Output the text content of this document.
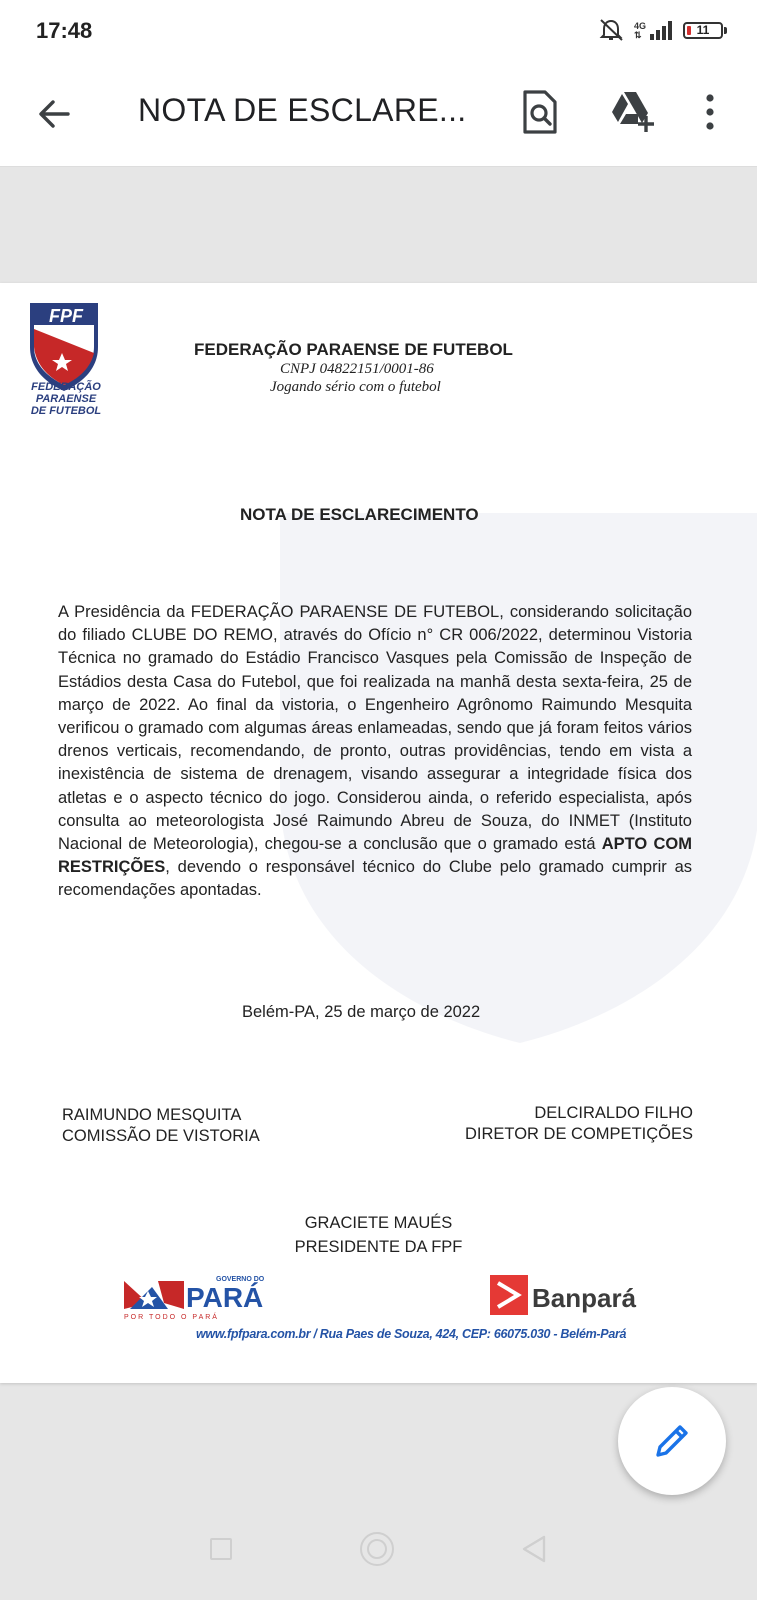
17:48	4G
⇅	11
NOTA DE ESCLARE...
FPF
FEDERAÇÃO
PARAENSE
DE FUTEBOL
FEDERAÇÃO PARAENSE DE FUTEBOL
CNPJ 04822151/0001-86
Jogando sério com o futebol
NOTA DE ESCLARECIMENTO
A Presidência da FEDERAÇÃO PARAENSE DE FUTEBOL, considerando solicitação do filiado CLUBE DO REMO, através do Ofício n° CR 006/2022, determinou Vistoria Técnica no gramado do Estádio Francisco Vasques pela Comissão de Inspeção de Estádios desta Casa do Futebol, que foi realizada na manhã desta sexta-feira, 25 de março de 2022. Ao final da vistoria, o Engenheiro Agrônomo Raimundo Mesquita verificou o gramado com algumas áreas enlameadas, sendo que já foram feitos vários drenos verticais, recomendando, de pronto, outras providências, tendo em vista a inexistência de sistema de drenagem, visando assegurar a integridade física dos atletas e o aspecto técnico do jogo. Considerou ainda, o referido especialista, após consulta ao meteorologista José Raimundo Abreu de Souza, do INMET (Instituto Nacional de Meteorologia), chegou-se a conclusão que o gramado está APTO COM RESTRIÇÕES, devendo o responsável técnico do Clube pelo gramado cumprir as recomendações apontadas.
Belém-PA, 25 de março de 2022
RAIMUNDO MESQUITA
COMISSÃO DE VISTORIA
DELCIRALDO FILHO
DIRETOR DE COMPETIÇÕES
GRACIETE MAUÉS
PRESIDENTE DA FPF
GOVERNO DO
PARÁ
POR TODO O PARÁ
Banpará
www.fpfpara.com.br / Rua Paes de Souza, 424, CEP: 66075.030 - Belém-Pará
